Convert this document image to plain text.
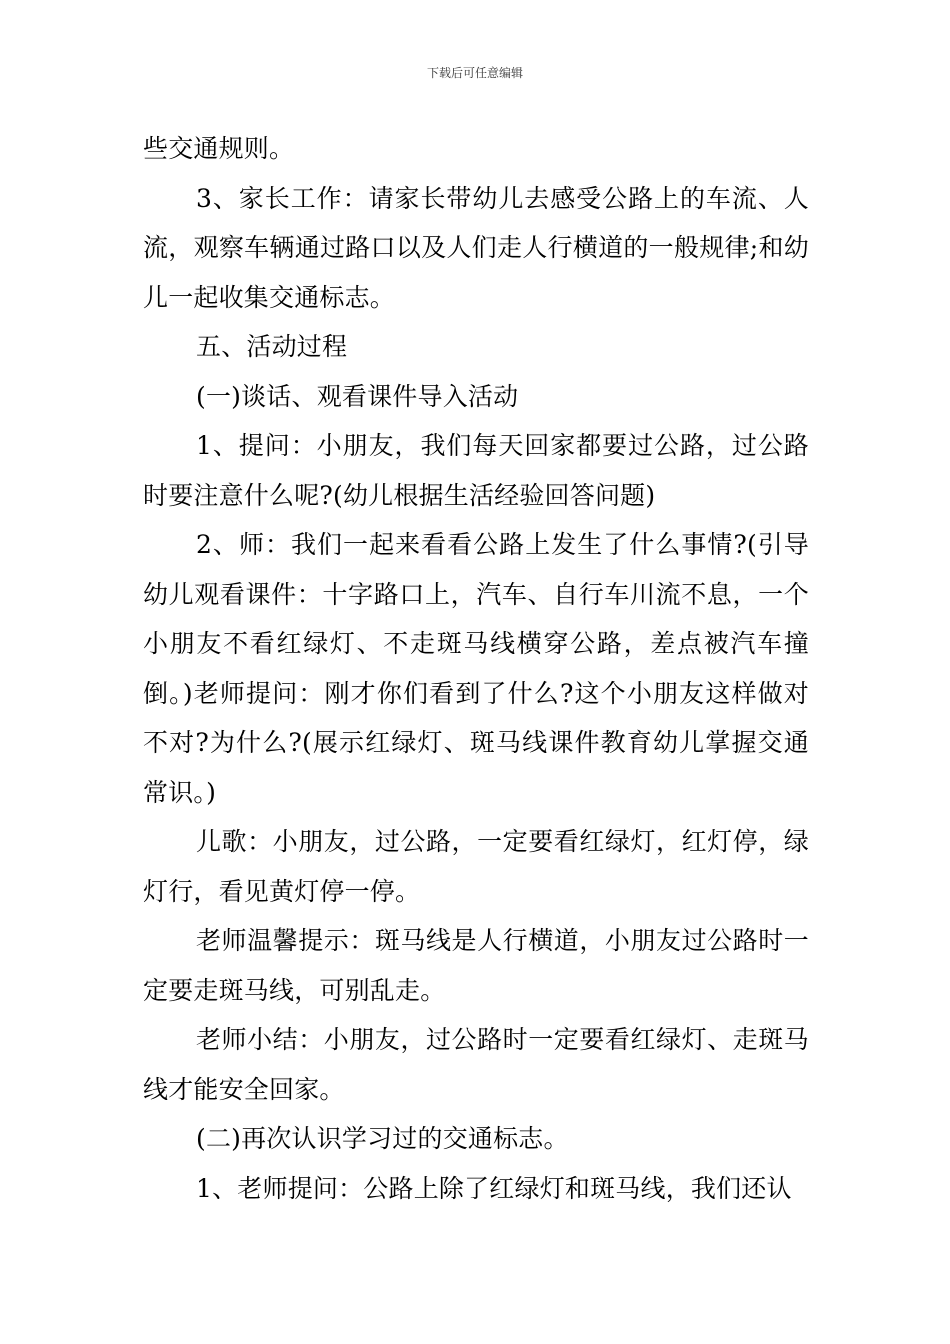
下载后可任意编辑

些交通规则。

3、家长工作：请家长带幼儿去感受公路上的车流、人流，观察车辆通过路口以及人们走人行横道的一般规律;和幼儿一起收集交通标志。

五、活动过程

(一)谈话、观看课件导入活动

1、提问：小朋友，我们每天回家都要过公路，过公路时要注意什么呢?(幼儿根据生活经验回答问题)

2、师：我们一起来看看公路上发生了什么事情?(引导幼儿观看课件：十字路口上，汽车、自行车川流不息，一个小朋友不看红绿灯、不走斑马线横穿公路，差点被汽车撞倒。)老师提问：刚才你们看到了什么?这个小朋友这样做对不对?为什么?(展示红绿灯、斑马线课件教育幼儿掌握交通常识。)

儿歌：小朋友，过公路，一定要看红绿灯，红灯停，绿灯行，看见黄灯停一停。

老师温馨提示：斑马线是人行横道，小朋友过公路时一定要走斑马线，可别乱走。

老师小结：小朋友，过公路时一定要看红绿灯、走斑马线才能安全回家。

(二)再次认识学习过的交通标志。

1、老师提问：公路上除了红绿灯和斑马线，我们还认
